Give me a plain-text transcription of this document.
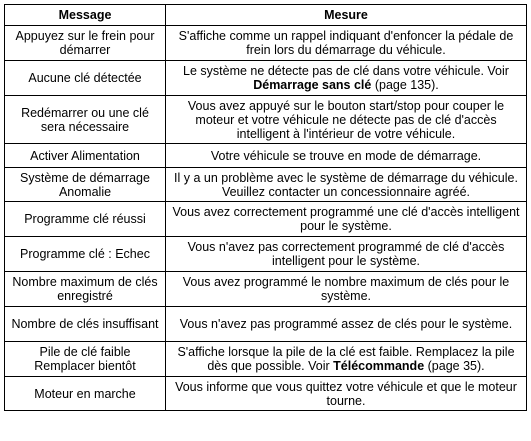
Message	Mesure
Appuyez sur le frein pour démarrer	S'affiche comme un rappel indiquant d'enfoncer la pédale de frein lors du démarrage du véhicule.
Aucune clé détectée	Le système ne détecte pas de clé dans votre véhicule. Voir Démarrage sans clé (page 135).
Redémarrer ou une clé sera nécessaire	Vous avez appuyé sur le bouton start/stop pour couper le moteur et votre véhicule ne détecte pas de clé d'accès intelligent à l'intérieur de votre véhicule.
Activer Alimentation	Votre véhicule se trouve en mode de démarrage.
Système de démarrage Anomalie	Il y a un problème avec le système de démarrage du véhicule. Veuillez contacter un concessionnaire agréé.
Programme clé réussi	Vous avez correctement programmé une clé d'accès intelligent pour le système.
Programme clé : Echec	Vous n'avez pas correctement programmé de clé d'accès intelligent pour le système.
Nombre maximum de clés enregistré	Vous avez programmé le nombre maximum de clés pour le système.
Nombre de clés insuffisant	Vous n'avez pas programmé assez de clés pour le système.
Pile de clé faible Remplacer bientôt	S'affiche lorsque la pile de la clé est faible. Remplacez la pile dès que possible. Voir Télécommande (page 35).
Moteur en marche	Vous informe que vous quittez votre véhicule et que le moteur tourne.
